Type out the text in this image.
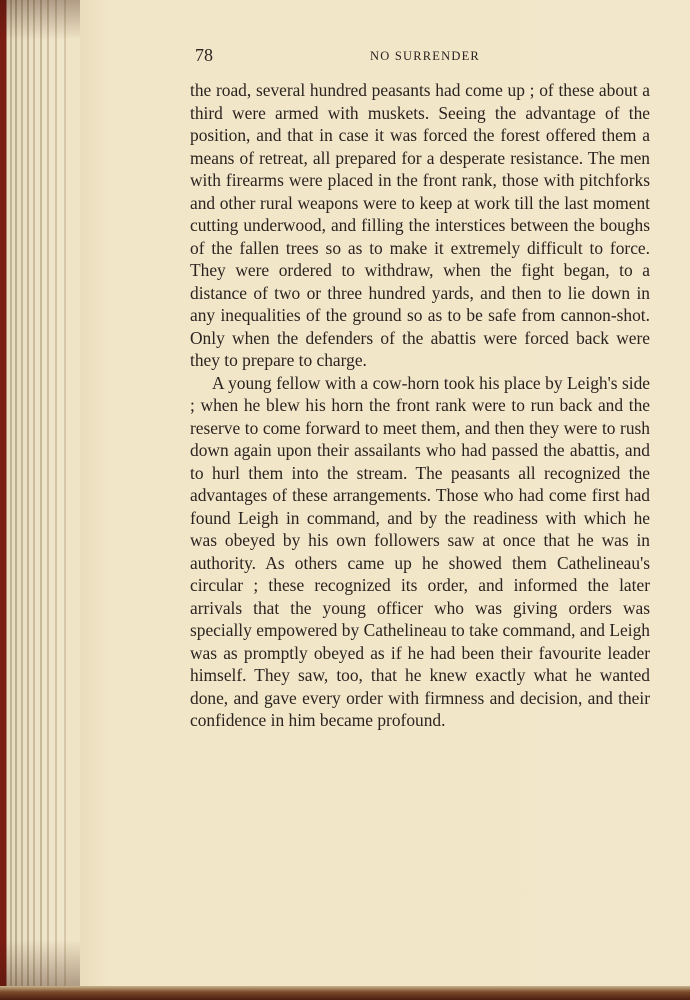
78	NO SURRENDER

the road, several hundred peasants had come up ; of these about a third were armed with muskets. Seeing the advantage of the position, and that in case it was forced the forest offered them a means of retreat, all prepared for a desperate resistance. The men with firearms were placed in the front rank, those with pitchforks and other rural weapons were to keep at work till the last moment cutting underwood, and filling the interstices between the boughs of the fallen trees so as to make it extremely difficult to force. They were ordered to withdraw, when the fight began, to a distance of two or three hundred yards, and then to lie down in any inequalities of the ground so as to be safe from cannon-shot. Only when the defenders of the abattis were forced back were they to prepare to charge.

A young fellow with a cow-horn took his place by Leigh's side ; when he blew his horn the front rank were to run back and the reserve to come forward to meet them, and then they were to rush down again upon their assailants who had passed the abattis, and to hurl them into the stream. The peasants all recognized the advantages of these arrangements. Those who had come first had found Leigh in command, and by the readiness with which he was obeyed by his own followers saw at once that he was in authority. As others came up he showed them Cathelineau's circular ; these recognized its order, and informed the later arrivals that the young officer who was giving orders was specially empowered by Cathelineau to take command, and Leigh was as promptly obeyed as if he had been their favourite leader himself. They saw, too, that he knew exactly what he wanted done, and gave every order with firmness and decision, and their confidence in him became profound.
